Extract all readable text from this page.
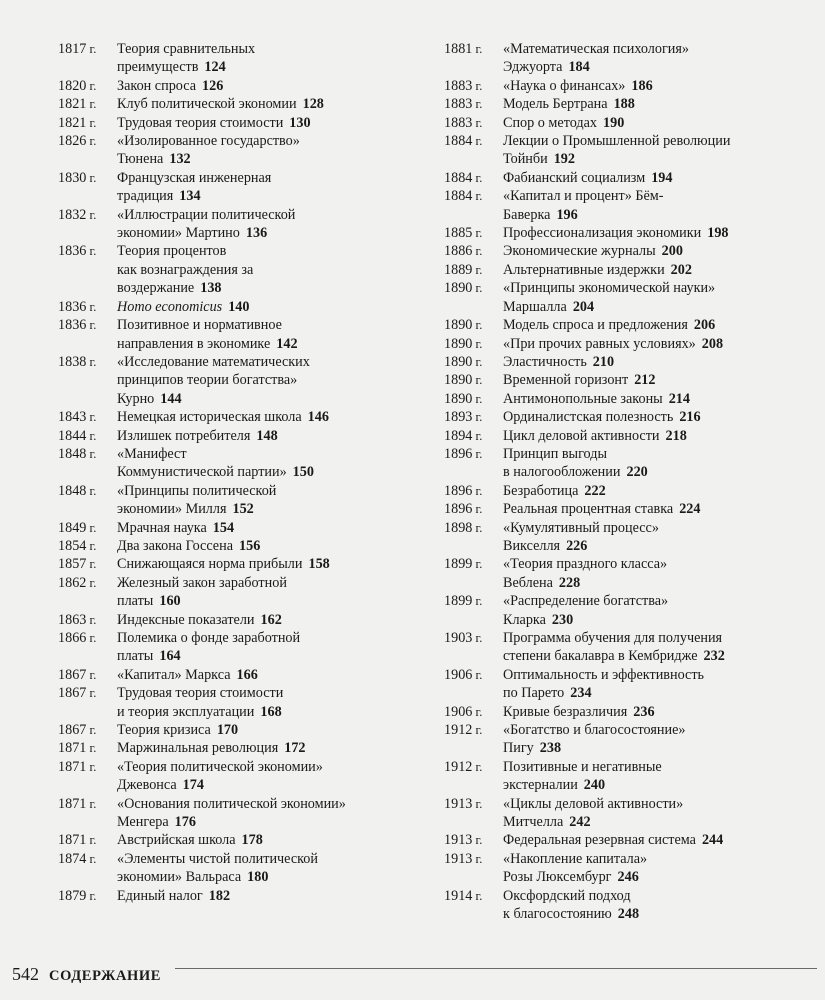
1817 г.	Теория сравнительных
преимуществ 124
1820 г.	Закон спроса 126
1821 г.	Клуб политической экономии 128
1821 г.	Трудовая теория стоимости 130
1826 г.	«Изолированное государство»
Тюнена 132
1830 г.	Французская инженерная
традиция 134
1832 г.	«Иллюстрации политической
экономии» Мартино 136
1836 г.	Теория процентов
как вознаграждения за
воздержание 138
1836 г.	Homo economicus 140
1836 г.	Позитивное и нормативное
направления в экономике 142
1838 г.	«Исследование математических
принципов теории богатства»
Курно 144
1843 г.	Немецкая историческая школа 146
1844 г.	Излишек потребителя 148
1848 г.	«Манифест
Коммунистической партии» 150
1848 г.	«Принципы политической
экономии» Милля 152
1849 г.	Мрачная наука 154
1854 г.	Два закона Госсена 156
1857 г.	Снижающаяся норма прибыли 158
1862 г.	Железный закон заработной
платы 160
1863 г.	Индексные показатели 162
1866 г.	Полемика о фонде заработной
платы 164
1867 г.	«Капитал» Маркса 166
1867 г.	Трудовая теория стоимости
и теория эксплуатации 168
1867 г.	Теория кризиса 170
1871 г.	Маржинальная революция 172
1871 г.	«Теория политической экономии»
Джевонса 174
1871 г.	«Основания политической экономии»
Менгера 176
1871 г.	Австрийская школа 178
1874 г.	«Элементы чистой политической
экономии» Вальраса 180
1879 г.	Единый налог 182
1881 г.	«Математическая психология»
Эджуорта 184
1883 г.	«Наука о финансах» 186
1883 г.	Модель Бертрана 188
1883 г.	Спор о методах 190
1884 г.	Лекции о Промышленной революции
Тойнби 192
1884 г.	Фабианский социализм 194
1884 г.	«Капитал и процент» Бём-
Баверка 196
1885 г.	Профессионализация экономики 198
1886 г.	Экономические журналы 200
1889 г.	Альтернативные издержки 202
1890 г.	«Принципы экономической науки»
Маршалла 204
1890 г.	Модель спроса и предложения 206
1890 г.	«При прочих равных условиях» 208
1890 г.	Эластичность 210
1890 г.	Временной горизонт 212
1890 г.	Антимонопольные законы 214
1893 г.	Ординалистская полезность 216
1894 г.	Цикл деловой активности 218
1896 г.	Принцип выгоды
в налогообложении 220
1896 г.	Безработица 222
1896 г.	Реальная процентная ставка 224
1898 г.	«Кумулятивный процесс»
Викселля 226
1899 г.	«Теория праздного класса»
Веблена 228
1899 г.	«Распределение богатства»
Кларка 230
1903 г.	Программа обучения для получения
степени бакалавра в Кембридже 232
1906 г.	Оптимальность и эффективность
по Парето 234
1906 г.	Кривые безразличия 236
1912 г.	«Богатство и благосостояние»
Пигу 238
1912 г.	Позитивные и негативные
экстерналии 240
1913 г.	«Циклы деловой активности»
Митчелла 242
1913 г.	Федеральная резервная система 244
1913 г.	«Накопление капитала»
Розы Люксембург 246
1914 г.	Оксфордский подход
к благосостоянию 248
542 СОДЕРЖАНИЕ
